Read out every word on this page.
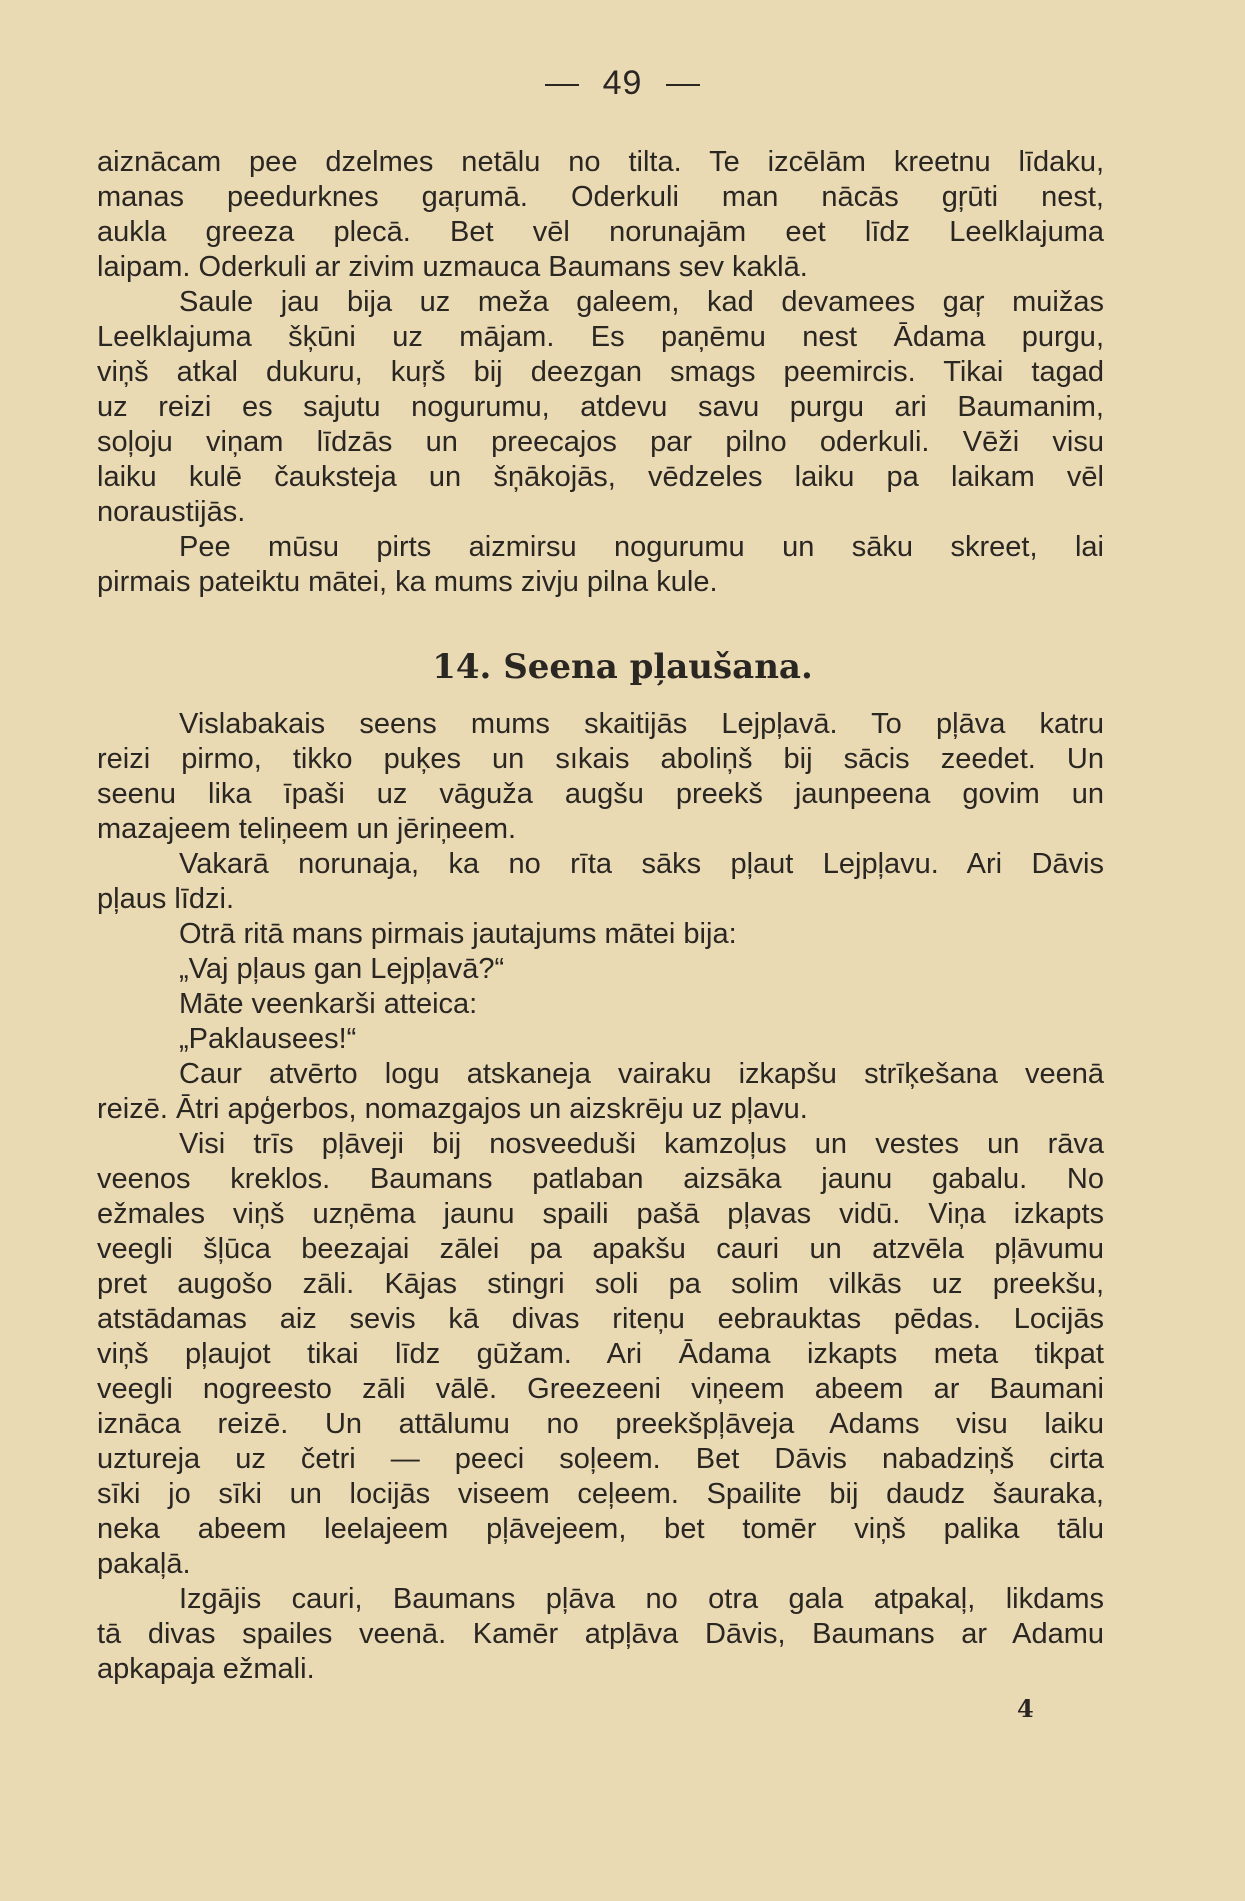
49
aiznācam pee dzelmes netālu no tilta. Te izcēlām kreetnu līdaku,
manas peedurknes gaŗumā. Oderkuli man nācās gŗūti nest,
aukla greeza plecā. Bet vēl norunajām eet līdz Leelklajuma
laipam. Oderkuli ar zivim uzmauca Baumans sev kaklā.
Saule jau bija uz meža galeem, kad devamees gaŗ muižas
Leelklajuma šķūni uz mājam. Es paņēmu nest Ādama purgu,
viņš atkal dukuru, kuŗš bij deezgan smags peemircis. Tikai tagad
uz reizi es sajutu nogurumu, atdevu savu purgu ari Baumanim,
soļoju viņam līdzās un preecajos par pilno oderkuli. Vēži visu
laiku kulē čauksteja un šņākojās, vēdzeles laiku pa laikam vēl
noraustijās.
Pee mūsu pirts aizmirsu nogurumu un sāku skreet, lai
pirmais pateiktu mātei, ka mums zivju pilna kule.
14. Seena pļaušana.
Vislabakais seens mums skaitijās Lejpļavā. To pļāva katru
reizi pirmo, tikko puķes un sıkais aboliņš bij sācis zeedet. Un
seenu lika īpaši uz vāguža augšu preekš jaunpeena govim un
mazajeem teliņeem un jēriņeem.
Vakarā norunaja, ka no rīta sāks pļaut Lejpļavu. Ari Dāvis
pļaus līdzi.
Otrā ritā mans pirmais jautajums mātei bija:
„Vaj pļaus gan Lejpļavā?“
Māte veenkarši atteica:
„Paklausees!“
Caur atvērto logu atskaneja vairaku izkapšu strīķešana veenā
reizē. Ātri apģerbos, nomazgajos un aizskrēju uz pļavu.
Visi trīs pļāveji bij nosveeduši kamzoļus un vestes un rāva
veenos kreklos. Baumans patlaban aizsāka jaunu gabalu. No
ežmales viņš uzņēma jaunu spaili pašā pļavas vidū. Viņa izkapts
veegli šļūca beezajai zālei pa apakšu cauri un atzvēla pļāvumu
pret augošo zāli. Kājas stingri soli pa solim vilkās uz preekšu,
atstādamas aiz sevis kā divas riteņu eebrauktas pēdas. Locijās
viņš pļaujot tikai līdz gūžam. Ari Ādama izkapts meta tikpat
veegli nogreesto zāli vālē. Greezeeni viņeem abeem ar Baumani
iznāca reizē. Un attālumu no preekšpļāveja Adams visu laiku
uztureja uz četri — peeci soļeem. Bet Dāvis nabadziņš cirta
sīki jo sīki un locijās viseem ceļeem. Spailite bij daudz šauraka,
neka abeem leelajeem pļāvejeem, bet tomēr viņš palika tālu
pakaļā.
Izgājis cauri, Baumans pļāva no otra gala atpakaļ, likdams
tā divas spailes veenā. Kamēr atpļāva Dāvis, Baumans ar Adamu
apkapaja ežmali.
4
